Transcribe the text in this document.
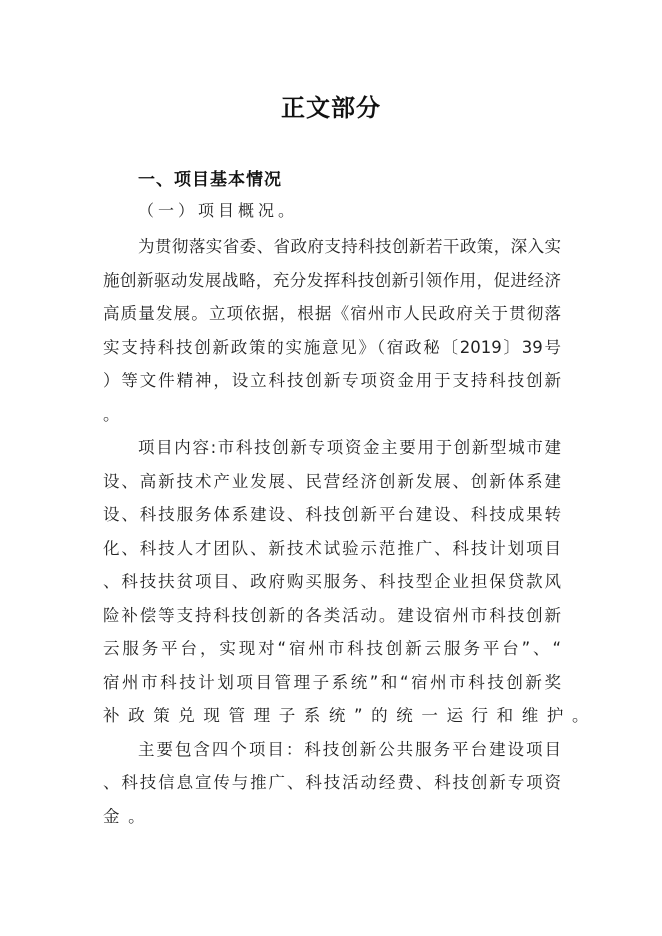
正文部分
一、项目基本情况
（一）项目概况。
为贯彻落实省委、省政府支持科技创新若干政策，深入实
施创新驱动发展战略，充分发挥科技创新引领作用，促进经济
高质量发展。立项依据，根据《宿州市人民政府关于贯彻落
实支持科技创新政策的实施意见》（宿政秘〔2019〕39号
）等文件精神，设立科技创新专项资金用于支持科技创新
。
项目内容:市科技创新专项资金主要用于创新型城市建
设、高新技术产业发展、民营经济创新发展、创新体系建
设、科技服务体系建设、科技创新平台建设、科技成果转
化、科技人才团队、新技术试验示范推广、科技计划项目
、科技扶贫项目、政府购买服务、科技型企业担保贷款风
险补偿等支持科技创新的各类活动。建设宿州市科技创新
云服务平台，实现对“宿州市科技创新云服务平台”、“
宿州市科技计划项目管理子系统”和“宿州市科技创新奖
补政策兑现管理子系统”的统一运行和维护。
主要包含四个项目：科技创新公共服务平台建设项目
、科技信息宣传与推广、科技活动经费、科技创新专项资
金。
